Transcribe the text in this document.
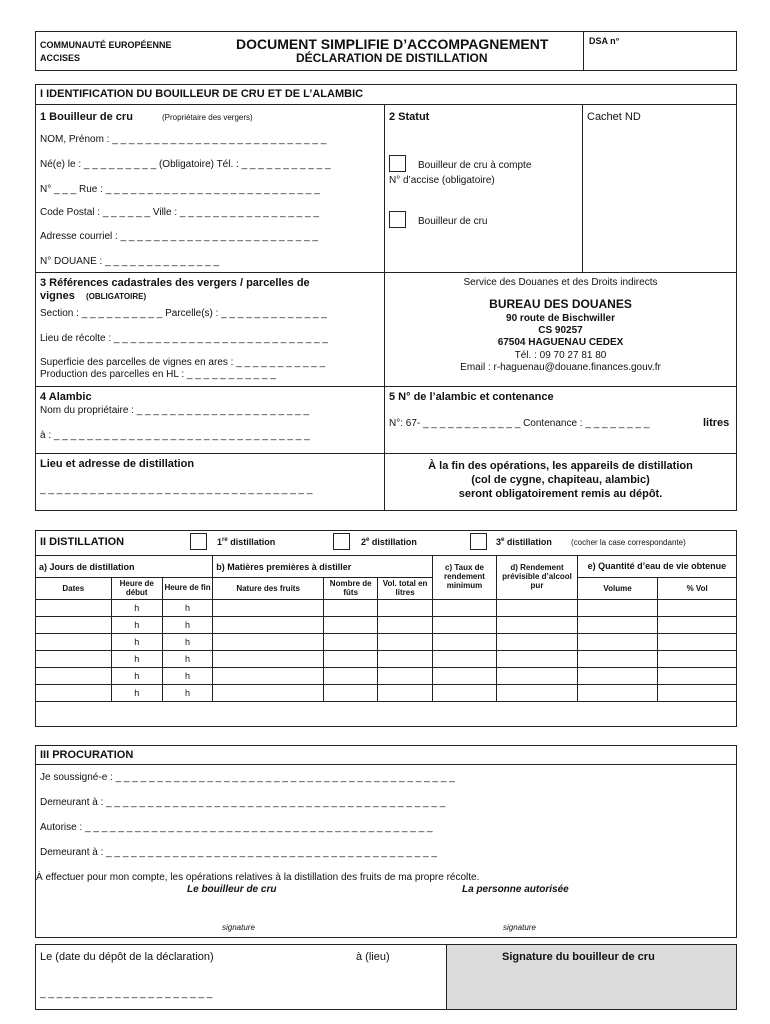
COMMUNAUTÉ EUROPÉENNE
ACCISES
DOCUMENT SIMPLIFIE D’ACCOMPAGNEMENT
DÉCLARATION DE DISTILLATION
DSA n°
I IDENTIFICATION DU BOUILLEUR DE CRU ET DE L’ALAMBIC
1 Bouilleur de cru	(Propriétaire des vergers)
NOM, Prénom : _ _ _ _ _ _ _ _ _ _ _ _ _ _ _ _ _ _ _ _ _ _ _ _ _ _
Né(e) le : _ _ _ _ _ _ _ _ _ (Obligatoire) Tél. : _ _ _ _ _ _ _ _ _ _ _
N° _ _ _ Rue : _ _ _ _ _ _ _ _ _ _ _ _ _ _ _ _ _ _ _ _ _ _ _ _ _ _
Code Postal : _ _ _ _ _ _ Ville : _ _ _ _ _ _ _ _ _ _ _ _ _ _ _ _ _
Adresse courriel : _ _ _ _ _ _ _ _ _ _ _ _ _ _ _ _ _ _ _ _ _ _ _ _
N° DOUANE : _ _ _ _ _ _ _ _ _ _ _ _ _ _
2 Statut
Bouilleur de cru à compte
N° d’accise (obligatoire)
Bouilleur de cru
Cachet ND
3 Références cadastrales des vergers / parcelles de
vignes (OBLIGATOIRE)
Section : _ _ _ _ _ _ _ _ _ _ Parcelle(s) : _ _ _ _ _ _ _ _ _ _ _ _ _
Lieu de récolte : _ _ _ _ _ _ _ _ _ _ _ _ _ _ _ _ _ _ _ _ _ _ _ _ _ _
Superficie des parcelles de vignes en ares : _ _ _ _ _ _ _ _ _ _ _
Production des parcelles en HL : _ _ _ _ _ _ _ _ _ _ _
Service des Douanes et des Droits indirects
BUREAU DES DOUANES
90 route de Bischwiller
CS 90257
67504 HAGUENAU CEDEX
Tél. : 09 70 27 81 80
Email : r-haguenau@douane.finances.gouv.fr
4 Alambic
Nom du propriétaire : _ _ _ _ _ _ _ _ _ _ _ _ _ _ _ _ _ _ _ _ _
à : _ _ _ _ _ _ _ _ _ _ _ _ _ _ _ _ _ _ _ _ _ _ _ _ _ _ _ _ _ _ _
5 N° de l’alambic et contenance
N°: 67- _ _ _ _ _ _ _ _ _ _ _ _ Contenance : _ _ _ _ _ _ _ _	litres
Lieu et adresse de distillation
_ _ _ _ _ _ _ _ _ _ _ _ _ _ _ _ _ _ _ _ _ _ _ _ _ _ _ _ _ _ _ _ _
À la fin des opérations, les appareils de distillation
(col de cygne, chapiteau, alambic)
seront obligatoirement remis au dépôt.
II DISTILLATION	1re distillation	2e distillation	3e distillation (cocher la case correspondante)
a) Jours de distillation			b) Matières premières à distiller			c) Taux de rendement minimum	d) Rendement prévisible d’alcool pur	e) Quantité d’eau de vie obtenue	
Dates	Heure de début	Heure de fin	Nature des fruits	Nombre de fûts	Vol. total en litres			Volume	% Vol
	h	h							
	h	h							
	h	h							
	h	h							
	h	h							
	h	h							
III PROCURATION
Je soussigné-e : _ _ _ _ _ _ _ _ _ _ _ _ _ _ _ _ _ _ _ _ _ _ _ _ _ _ _ _ _ _ _ _ _ _ _ _ _ _ _ _ _
Demeurant à : _ _ _ _ _ _ _ _ _ _ _ _ _ _ _ _ _ _ _ _ _ _ _ _ _ _ _ _ _ _ _ _ _ _ _ _ _ _ _ _ _
Autorise : _ _ _ _ _ _ _ _ _ _ _ _ _ _ _ _ _ _ _ _ _ _ _ _ _ _ _ _ _ _ _ _ _ _ _ _ _ _ _ _ _ _
Demeurant à : _ _ _ _ _ _ _ _ _ _ _ _ _ _ _ _ _ _ _ _ _ _ _ _ _ _ _ _ _ _ _ _ _ _ _ _ _ _ _ _
À effectuer pour mon compte, les opérations relatives à la distillation des fruits de ma propre récolte.
Le bouilleur de cru	La personne autorisée
signature	signature
Le (date du dépôt de la déclaration)	à (lieu)	Signature du bouilleur de cru
_ _ _ _ _ _ _ _ _ _ _ _ _ _ _ _ _ _ _ _ _
